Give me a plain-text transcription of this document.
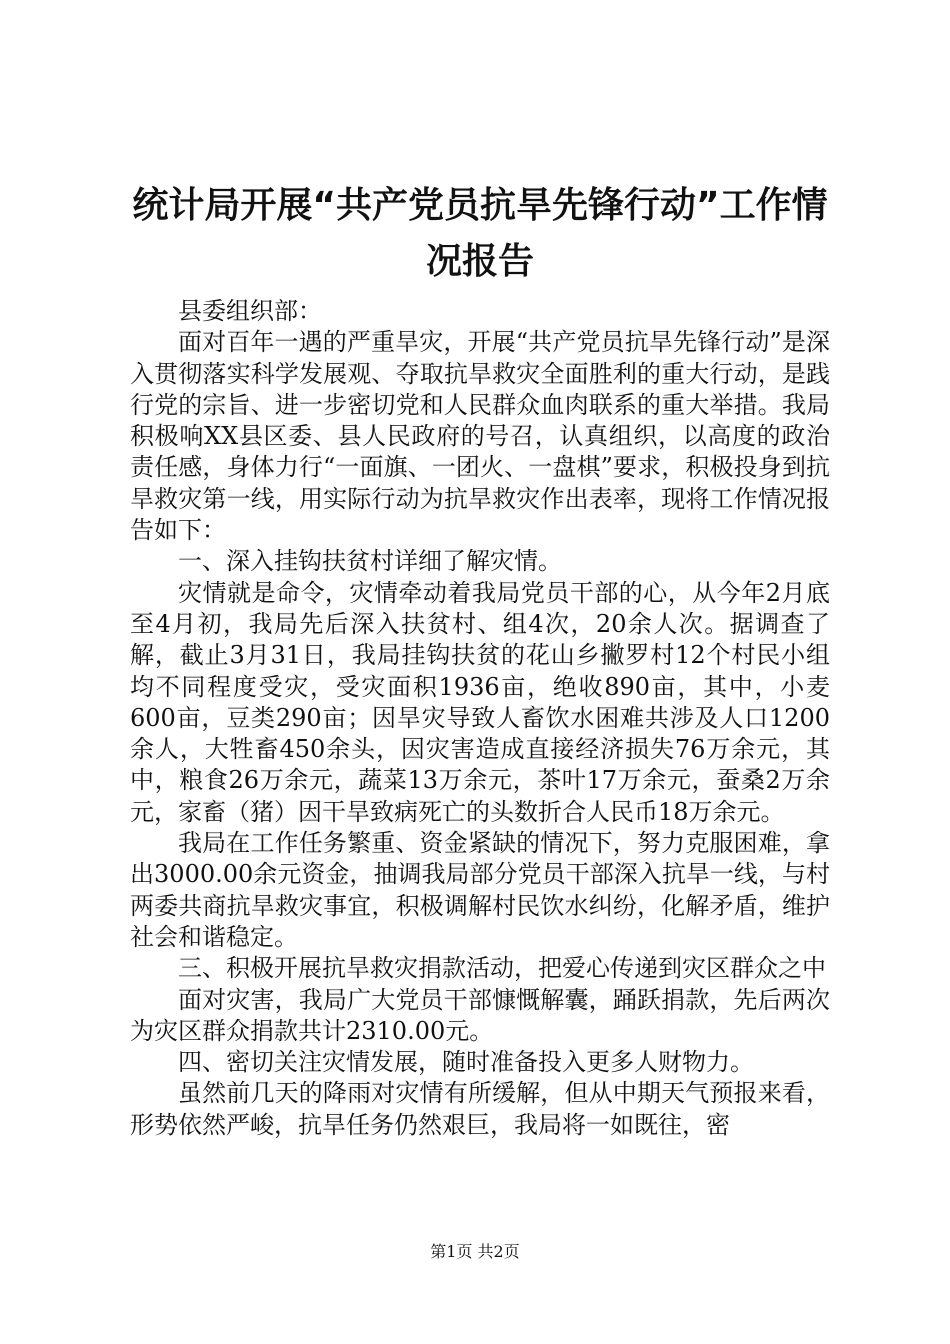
统计局开展“共产党员抗旱先锋行动”工作情
况报告

县委组织部：

面对百年一遇的严重旱灾，开展“共产党员抗旱先锋行动”是深入贯彻落实科学发展观、夺取抗旱救灾全面胜利的重大行动，是践行党的宗旨、进一步密切党和人民群众血肉联系的重大举措。我局积极响XX县区委、县人民政府的号召，认真组织，以高度的政治责任感，身体力行“一面旗、一团火、一盘棋”要求，积极投身到抗旱救灾第一线，用实际行动为抗旱救灾作出表率，现将工作情况报告如下：

一、深入挂钩扶贫村详细了解灾情。

灾情就是命令，灾情牵动着我局党员干部的心，从今年2月底至4月初，我局先后深入扶贫村、组4次，20余人次。据调查了解，截止3月31日，我局挂钩扶贫的花山乡撇罗村12个村民小组均不同程度受灾，受灾面积1936亩，绝收890亩，其中，小麦600亩，豆类290亩；因旱灾导致人畜饮水困难共涉及人口1200余人，大牲畜450余头，因灾害造成直接经济损失76万余元，其中，粮食26万余元，蔬菜13万余元，茶叶17万余元，蚕桑2万余元，家畜（猪）因干旱致病死亡的头数折合人民币18万余元。

我局在工作任务繁重、资金紧缺的情况下，努力克服困难，拿出3000.00余元资金，抽调我局部分党员干部深入抗旱一线，与村两委共商抗旱救灾事宜，积极调解村民饮水纠纷，化解矛盾，维护社会和谐稳定。

三、积极开展抗旱救灾捐款活动，把爱心传递到灾区群众之中

面对灾害，我局广大党员干部慷慨解囊，踊跃捐款，先后两次为灾区群众捐款共计2310.00元。

四、密切关注灾情发展，随时准备投入更多人财物力。

虽然前几天的降雨对灾情有所缓解，但从中期天气预报来看，形势依然严峻，抗旱任务仍然艰巨，我局将一如既往，密

第1页 共2页
